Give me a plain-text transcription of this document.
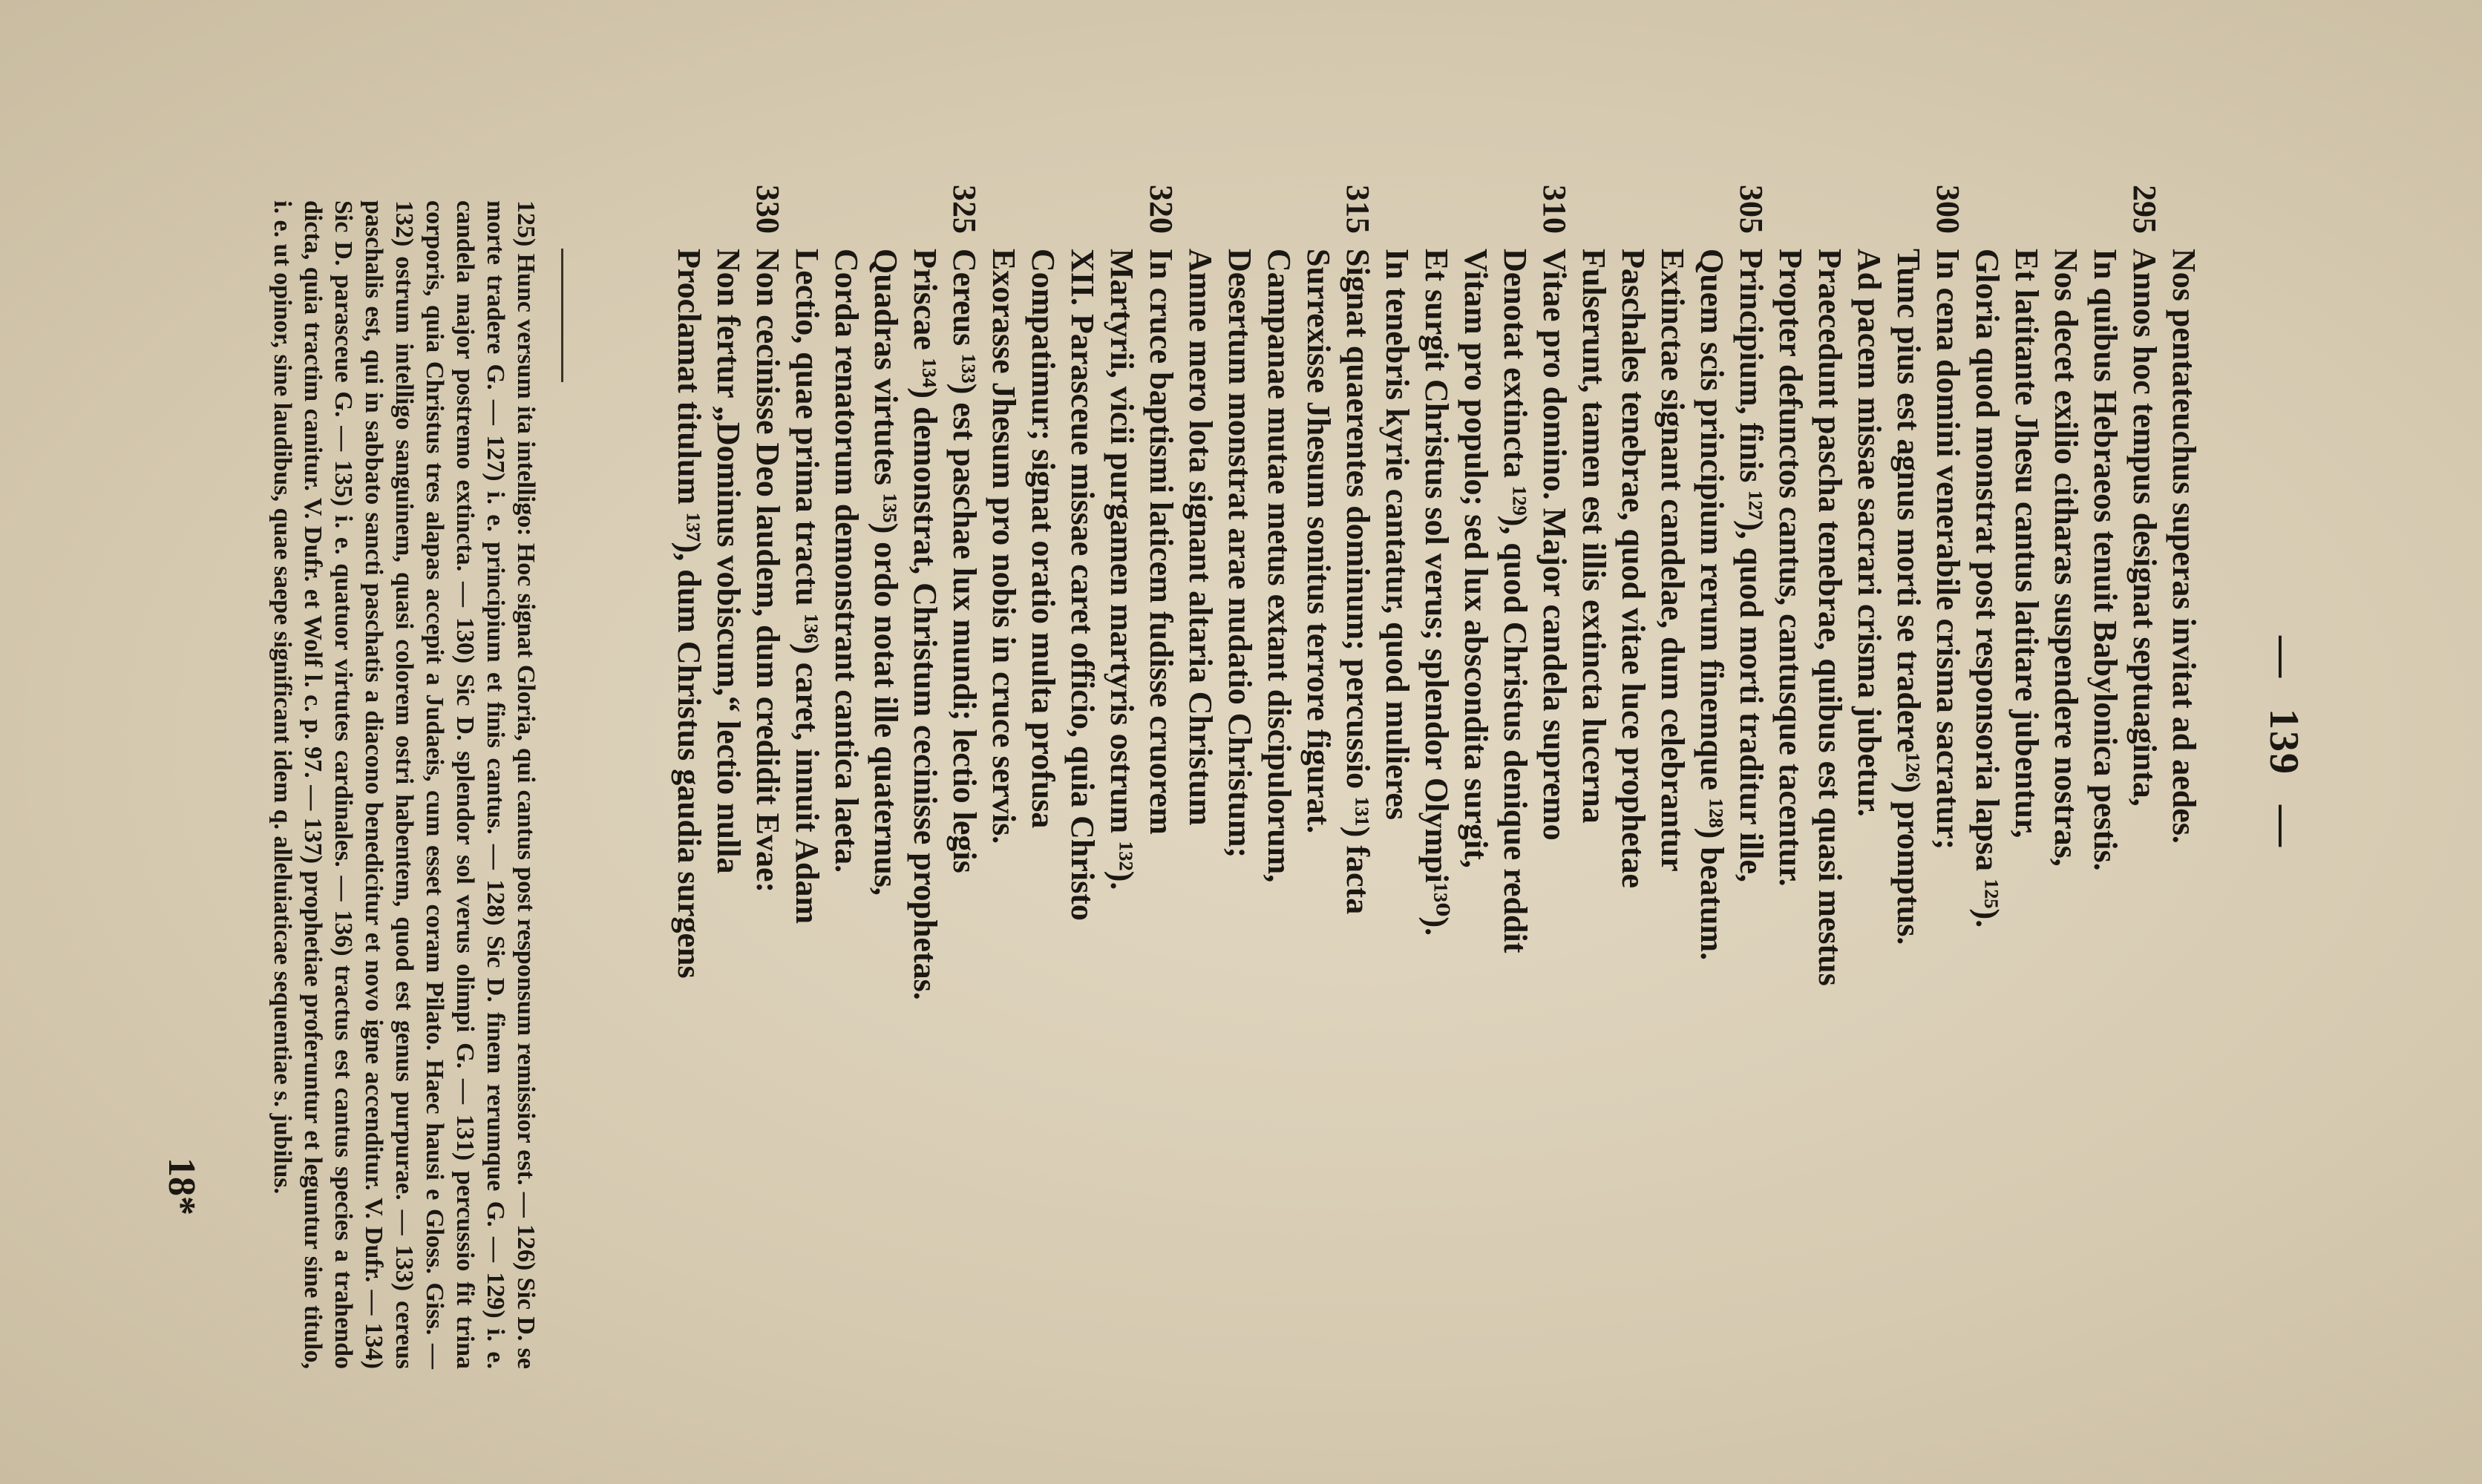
—
139
—
Nos pentateuchus superas invitat ad aedes.
295
Annos hoc tempus designat septuaginta,
In quibus Hebraeos tenuit Babylonica pestis.
Nos decet exilio citharas suspendere nostras,
Et latitante Jhesu cantus latitare jubentur,
Gloria quod monstrat post responsoria lapsa ¹²⁵).
300
In cena domini venerabile crisma sacratur;
Tunc pius est agnus morti se tradere¹²⁶) promptus.
Ad pacem missae sacrari crisma jubetur.
Praecedunt pascha tenebrae, quibus est quasi mestus
Propter defunctos cantus, cantusque tacentur.
305
Principium, finis ¹²⁷), quod morti traditur ille,
Quem scis principium rerum finemque ¹²⁸) beatum.
Extinctae signant candelae, dum celebrantur
Paschales tenebrae, quod vitae luce prophetae
Fulserunt, tamen est illis extincta lucerna
310
Vitae pro domino. Major candela supremo
Denotat extincta ¹²⁹), quod Christus denique reddit
Vitam pro populo; sed lux abscondita surgit,
Et surgit Christus sol verus; splendor Olympi¹³⁰).
In tenebris kyrie cantatur, quod mulieres
315
Signat quaerentes dominum; percussio ¹³¹) facta
Surrexisse Jhesum sonitus terrore figurat.
Campanae mutae metus extant discipulorum,
Desertum monstrat arae nudatio Christum;
Amne mero lota signant altaria Christum
320
In cruce baptismi laticem fudisse cruorem
Martyrii, vicii purgamen martyris ostrum ¹³²).
XII. Parasceue missae caret officio, quia Christo
Compatimur; signat oratio multa profusa
Exorasse Jhesum pro nobis in cruce servis.
325
Cereus ¹³³) est paschae lux mundi; lectio legis
Priscae ¹³⁴) demonstrat, Christum cecinisse prophetas.
Quadras virtutes ¹³⁵) ordo notat ille quaternus,
Corda renatorum demonstrant cantica laeta.
Lectio, quae prima tractu ¹³⁶) caret, innuit Adam
330
Non cecinisse Deo laudem, dum credidit Evae:
Non fertur „Dominus vobiscum,“ lectio nulla
Proclamat titulum ¹³⁷), dum Christus gaudia surgens

125) Hunc versum ita intelligo: Hoc signat Gloria, qui cantus post responsum remissior est. — 126) Sic D. se morte tradere G. — 127) i. e. principium et finis cantus. — 128) Sic D. finem rerumque G. — 129) i. e. candela major postremo extincta. — 130) Sic D. splendor sol verus olimpi G. — 131) percussio fit trina corporis, quia Christus tres alapas accepit a Judaeis, cum esset coram Pilato. Haec hausi e Gloss. Giss. — 132) ostrum intelligo sanguinem, quasi colorem ostri habentem, quod est genus purpurae. — 133) cereus paschalis est, qui in sabbato sancti paschatis a diacono benedicitur et novo igne accenditur. V. Dufr. — 134) Sic D. parasceue G. — 135) i. e. quatuor virtutes cardinales. — 136) tractus est cantus species a trahendo dicta, quia tractim canitur. V. Dufr. et Wolf l. c. p. 97. — 137) prophetiae proferuntur et leguntur sine titulo, i. e. ut opinor, sine laudibus, quae saepe significant idem q. alleluiaticae sequentiae s. jubilus.

18*
